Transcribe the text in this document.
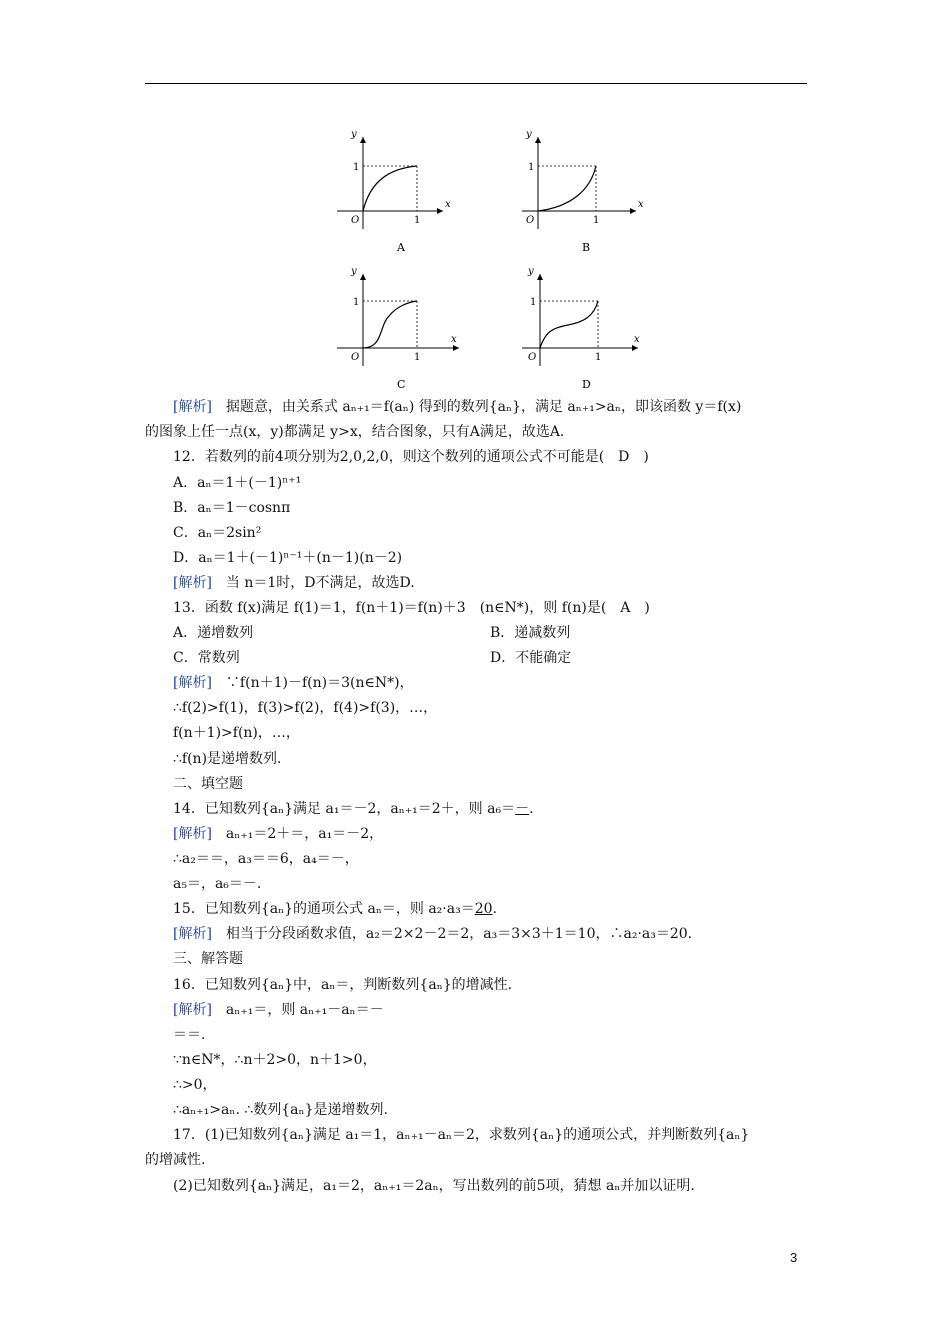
y
x
1
1
O
A
y
x
1
1
O
B
y
x
1
1
O
C
y
x
1
1
O
D
[解析]　据题意，由关系式 aₙ₊₁＝f(aₙ) 得到的数列{aₙ}，满足 aₙ₊₁>aₙ，即该函数 y＝f(x)
的图象上任一点(x，y)都满足 y>x，结合图象，只有A满足，故选A.
12．若数列的前4项分别为2,0,2,0，则这个数列的通项公式不可能是(　D　)
A．aₙ＝1＋(－1)ⁿ⁺¹
B．aₙ＝1－cosnπ
C．aₙ＝2sin²
D．aₙ＝1＋(－1)ⁿ⁻¹＋(n－1)(n－2)
[解析]　当 n＝1时，D不满足，故选D.
13．函数 f(x)满足 f(1)＝1，f(n＋1)＝f(n)＋3　(n∈N*)，则 f(n)是(　A　)
A．递增数列	B．递减数列
C．常数列	D．不能确定
[解析]　∵f(n＋1)－f(n)＝3(n∈N*)，
∴f(2)>f(1)，f(3)>f(2)，f(4)>f(3)，…，
f(n＋1)>f(n)，…，
∴f(n)是递增数列.
二、填空题
14．已知数列{aₙ}满足 a₁＝－2，aₙ₊₁＝2＋，则 a₆＝－.
[解析]　aₙ₊₁＝2＋＝，a₁＝－2，
∴a₂＝＝，a₃＝＝6，a₄＝－，
a₅＝，a₆＝－.
15．已知数列{aₙ}的通项公式 aₙ＝，则 a₂·a₃＝20.
[解析]　相当于分段函数求值，a₂＝2×2－2＝2，a₃＝3×3＋1＝10，∴a₂·a₃＝20.
三、解答题
16．已知数列{aₙ}中，aₙ＝，判断数列{aₙ}的增减性.
[解析]　aₙ₊₁＝，则 aₙ₊₁－aₙ＝－
＝＝.
∵n∈N*，∴n＋2>0，n＋1>0，
∴>0，
∴aₙ₊₁>aₙ. ∴数列{aₙ}是递增数列.
17．(1)已知数列{aₙ}满足 a₁＝1，aₙ₊₁－aₙ＝2，求数列{aₙ}的通项公式，并判断数列{aₙ}
的增减性.
(2)已知数列{aₙ}满足，a₁＝2，aₙ₊₁＝2aₙ，写出数列的前5项，猜想 aₙ并加以证明.
3
